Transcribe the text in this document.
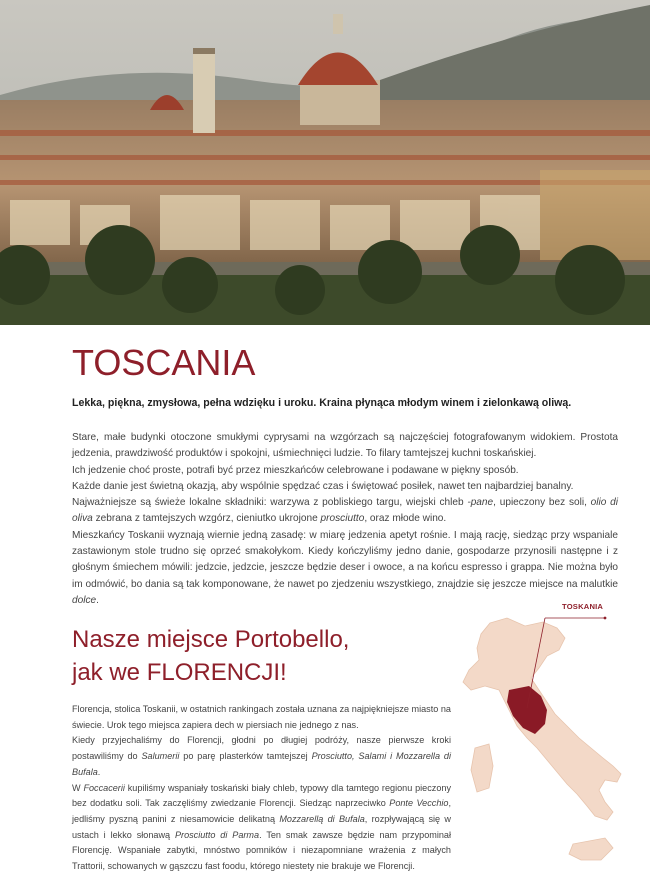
TOSCANIA
Lekka, piękna, zmysłowa, pełna wdzięku i uroku. Kraina płynąca młodym winem i zielonkawą oliwą.

Stare, małe budynki otoczone smukłymi cyprysami na wzgórzach są najczęściej fotografowanym widokiem. Prostota jedzenia, prawdziwość produktów i spokojni, uśmiechnięci ludzie. To filary tamtejszej kuchni toskańskiej.

Ich jedzenie choć proste, potrafi być przez mieszkańców celebrowane i podawane w piękny sposób.

Każde danie jest świetną okazją, aby wspólnie spędzać czas i świętować posiłek, nawet ten najbardziej banalny.

Najważniejsze są świeże lokalne składniki: warzywa z pobliskiego targu, wiejski chleb -pane, upieczony bez soli, olio di oliva zebrana z tamtejszych wzgórz, cieniutko ukrojone prosciutto, oraz młode wino.

Mieszkańcy Toskanii wyznają wiernie jedną zasadę: w miarę jedzenia apetyt rośnie. I mają rację, siedząc przy wspaniale zastawionym stole trudno się oprzeć smakołykom. Kiedy kończyliśmy jedno danie, gospodarze przynosili następne i z głośnym śmiechem mówili: jedzcie, jedzcie, jeszcze będzie deser i owoce, a na końcu espresso i grappa. Nie można było im odmówić, bo dania są tak komponowane, że nawet po zjedzeniu wszystkiego, znajdzie się jeszcze miejsce na malutkie dolce.

Nasze miejsce Portobello,
jak we FLORENCJI!

Florencja, stolica Toskanii, w ostatnich rankingach została uznana za najpiękniejsze miasto na świecie. Urok tego miejsca zapiera dech w piersiach nie jednego z nas.

Kiedy przyjechaliśmy do Florencji, głodni po długiej podróży, nasze pierwsze kroki postawiliśmy do Salumerii po parę plasterków tamtejszej Prosciutto, Salami i Mozzarella di Bufala.

W Foccacerii kupiliśmy wspaniały toskański biały chleb, typowy dla tamtego regionu pieczony bez dodatku soli. Tak zaczęliśmy zwiedzanie Florencji. Siedząc naprzeciwko Ponte Vecchio, jedliśmy pyszną panini z niesamowicie delikatną Mozzarellą di Bufala, rozpływającą się w ustach i lekko słonawą Prosciutto di Parma. Ten smak zawsze będzie nam przypominał Florencję. Wspaniałe zabytki, mnóstwo pomników i niezapomniane wrażenia z małych Trattorii, schowanych w gąszczu fast foodu, którego niestety nie brakuje we Florencji.

TOSKANIA
